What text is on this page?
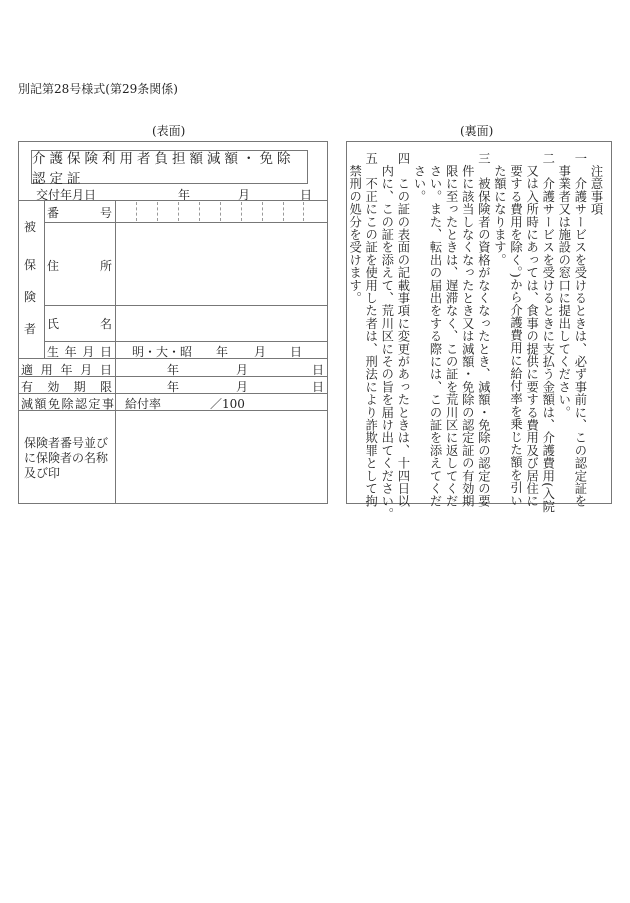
別記第28号様式(第29条関係)
(表面)	(裏面)
介護保険利用者負担額減額・免除認定証
交付年月日	年	月	日
被
保
険
者
番	号
住	所
氏	名
生 年 月 日 明・大・昭 年 月 日
適 用 年 月 日	年	月	日
有 効 期 限	年	月	日
減額免除認定事 給付率	／100
保険者番号並び
に保険者の名称
及び印
　注意事項
一　介護サービスを受けるときは、必ず事前に、この認定証を
　事業者又は施設の窓口に提出してください。
二　介護サービスを受けるときに支払う金額は、介護費用(入院
　又は入所時にあっては、食事の提供に要する費用及び居住に
　要する費用を除く。)から介護費用に給付率を乗じた額を引い
　た額になります。
三　被保険者の資格がなくなったとき、減額・免除の認定の要
　件に該当しなくなったとき又は減額・免除の認定証の有効期
　限に至ったときは、遅滞なく、この証を荒川区に返してくだ
　さい。また、転出の届出をする際には、この証を添えてくだ
　さい。
四　この証の表面の記載事項に変更があったときは、十四日以
　内に、この証を添えて、荒川区にその旨を届け出てください。
五　不正にこの証を使用した者は、刑法により詐欺罪として拘
　禁刑の処分を受けます。
